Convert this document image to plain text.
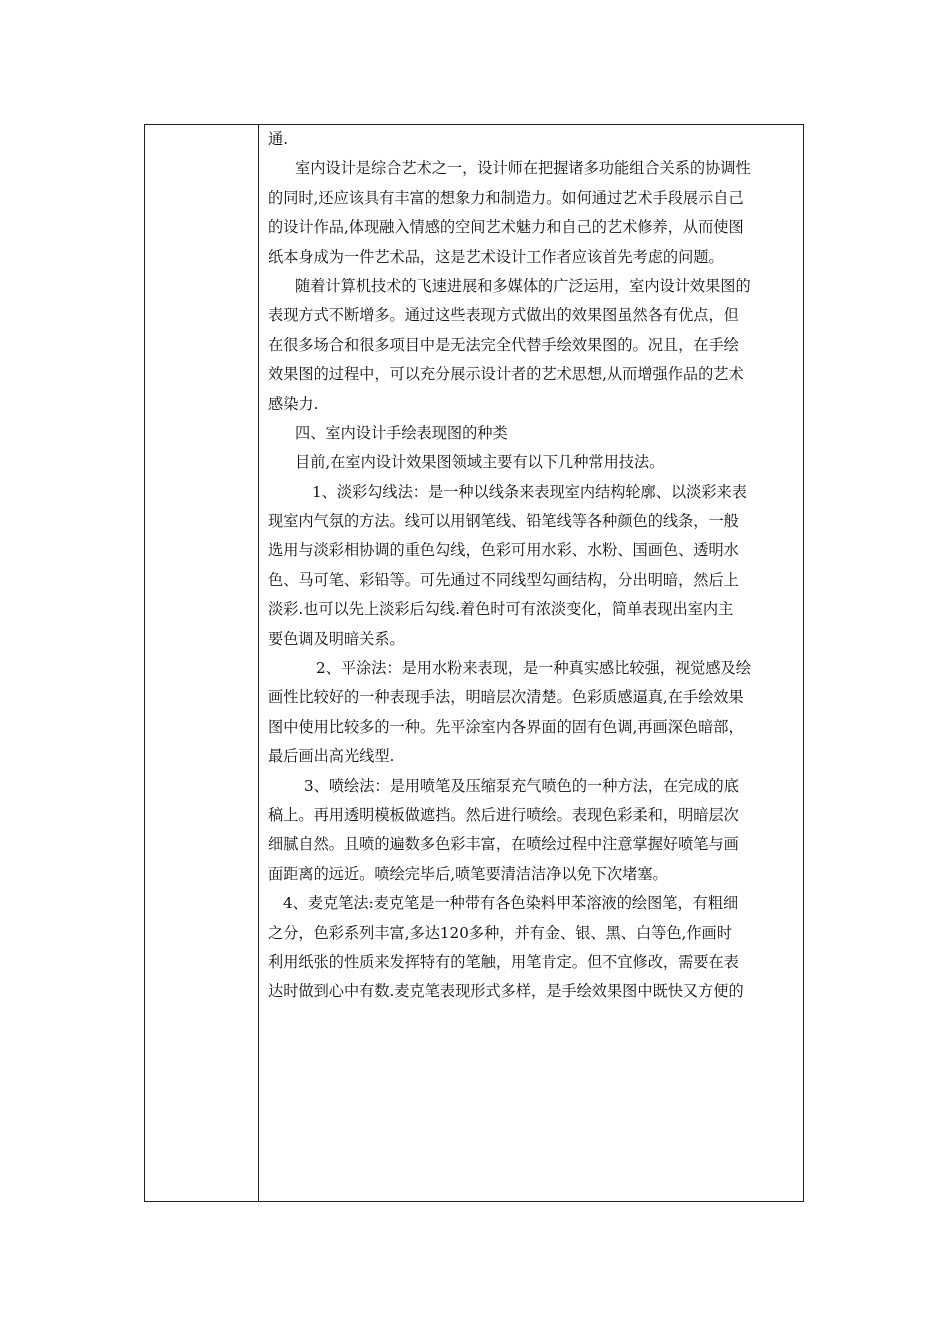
通.
室内设计是综合艺术之一，设计师在把握诸多功能组合关系的协调性
的同时,还应该具有丰富的想象力和制造力。如何通过艺术手段展示自己
的设计作品,体现融入情感的空间艺术魅力和自己的艺术修养，从而使图
纸本身成为一件艺术品，这是艺术设计工作者应该首先考虑的问题。
随着计算机技术的飞速进展和多媒体的广泛运用，室内设计效果图的
表现方式不断增多。通过这些表现方式做出的效果图虽然各有优点，但
在很多场合和很多项目中是无法完全代替手绘效果图的。况且，在手绘
效果图的过程中，可以充分展示设计者的艺术思想,从而增强作品的艺术
感染力.
四、室内设计手绘表现图的种类
目前,在室内设计效果图领域主要有以下几种常用技法。
1、淡彩勾线法：是一种以线条来表现室内结构轮廓、以淡彩来表
现室内气氛的方法。线可以用钢笔线、铅笔线等各种颜色的线条，一般
选用与淡彩相协调的重色勾线，色彩可用水彩、水粉、国画色、透明水
色、马可笔、彩铅等。可先通过不同线型勾画结构，分出明暗，然后上
淡彩.也可以先上淡彩后勾线.着色时可有浓淡变化，简单表现出室内主
要色调及明暗关系。
2、平涂法：是用水粉来表现，是一种真实感比较强，视觉感及绘
画性比较好的一种表现手法，明暗层次清楚。色彩质感逼真,在手绘效果
图中使用比较多的一种。先平涂室内各界面的固有色调,再画深色暗部，
最后画出高光线型.
3、喷绘法：是用喷笔及压缩泵充气喷色的一种方法，在完成的底
稿上。再用透明模板做遮挡。然后进行喷绘。表现色彩柔和，明暗层次
细腻自然。且喷的遍数多色彩丰富，在喷绘过程中注意掌握好喷笔与画
面距离的远近。喷绘完毕后,喷笔要清洁洁净以免下次堵塞。
4、麦克笔法:麦克笔是一种带有各色染料甲苯溶液的绘图笔，有粗细
之分，色彩系列丰富,多达120多种，并有金、银、黑、白等色,作画时
利用纸张的性质来发挥特有的笔触，用笔肯定。但不宜修改，需要在表
达时做到心中有数.麦克笔表现形式多样，是手绘效果图中既快又方便的
